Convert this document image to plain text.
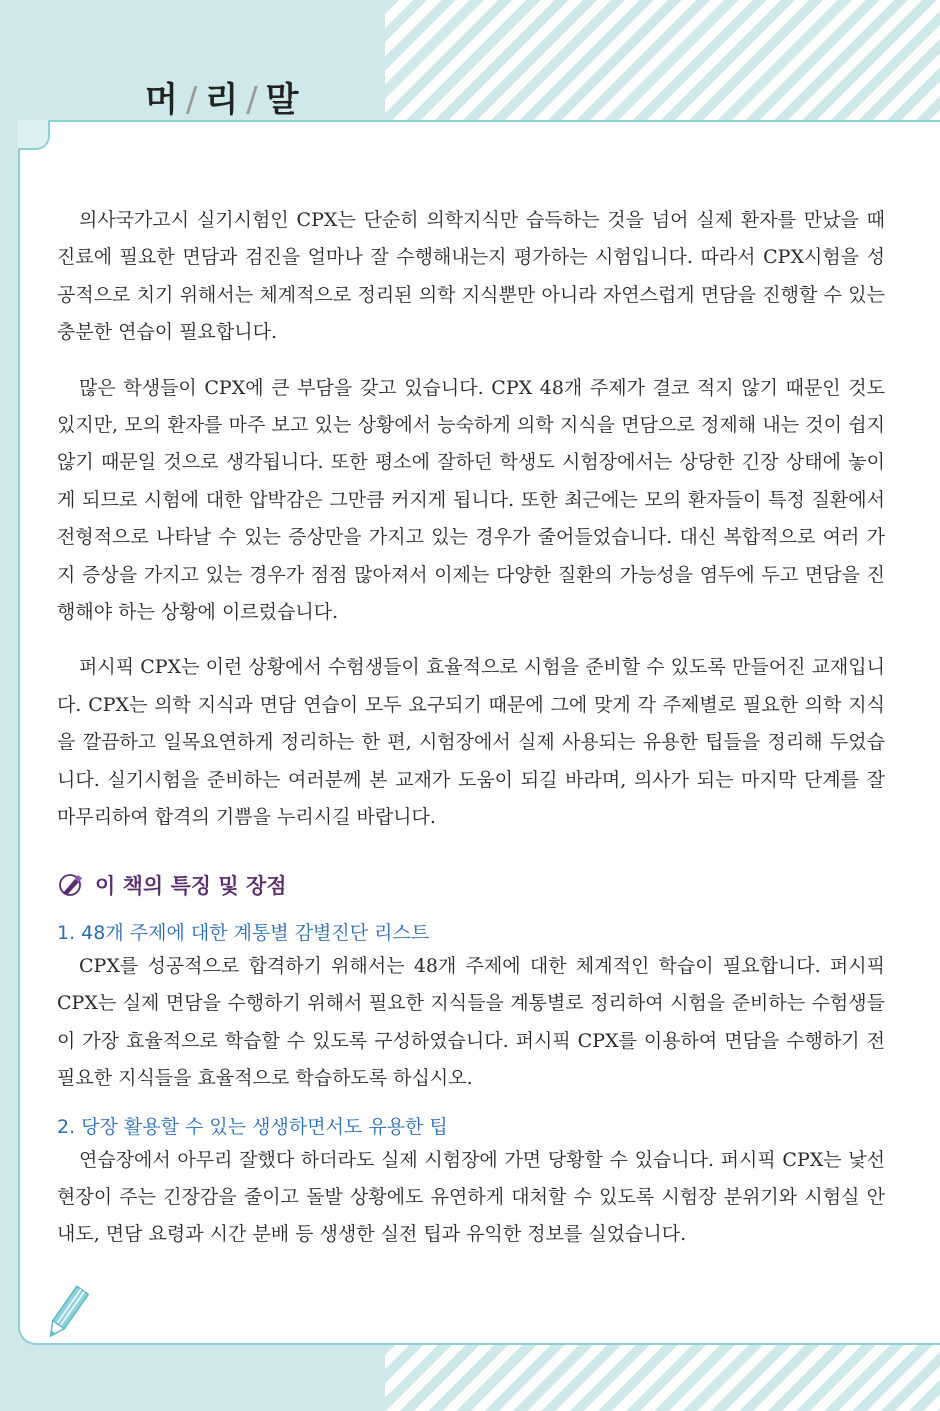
머 / 리 / 말

의사국가고시 실기시험인 CPX는 단순히 의학지식만 습득하는 것을 넘어 실제 환자를 만났을 때 진료에 필요한 면담과 검진을 얼마나 잘 수행해내는지 평가하는 시험입니다. 따라서 CPX시험을 성공적으로 치기 위해서는 체계적으로 정리된 의학 지식뿐만 아니라 자연스럽게 면담을 진행할 수 있는 충분한 연습이 필요합니다.

많은 학생들이 CPX에 큰 부담을 갖고 있습니다. CPX 48개 주제가 결코 적지 않기 때문인 것도 있지만, 모의 환자를 마주 보고 있는 상황에서 능숙하게 의학 지식을 면담으로 정제해 내는 것이 쉽지 않기 때문일 것으로 생각됩니다. 또한 평소에 잘하던 학생도 시험장에서는 상당한 긴장 상태에 놓이게 되므로 시험에 대한 압박감은 그만큼 커지게 됩니다. 또한 최근에는 모의 환자들이 특정 질환에서 전형적으로 나타날 수 있는 증상만을 가지고 있는 경우가 줄어들었습니다. 대신 복합적으로 여러 가지 증상을 가지고 있는 경우가 점점 많아져서 이제는 다양한 질환의 가능성을 염두에 두고 면담을 진행해야 하는 상황에 이르렀습니다.

퍼시픽 CPX는 이런 상황에서 수험생들이 효율적으로 시험을 준비할 수 있도록 만들어진 교재입니다. CPX는 의학 지식과 면담 연습이 모두 요구되기 때문에 그에 맞게 각 주제별로 필요한 의학 지식을 깔끔하고 일목요연하게 정리하는 한 편, 시험장에서 실제 사용되는 유용한 팁들을 정리해 두었습니다. 실기시험을 준비하는 여러분께 본 교재가 도움이 되길 바라며, 의사가 되는 마지막 단계를 잘 마무리하여 합격의 기쁨을 누리시길 바랍니다.

이 책의 특징 및 장점
1. 48개 주제에 대한 계통별 감별진단 리스트

CPX를 성공적으로 합격하기 위해서는 48개 주제에 대한 체계적인 학습이 필요합니다. 퍼시픽 CPX는 실제 면담을 수행하기 위해서 필요한 지식들을 계통별로 정리하여 시험을 준비하는 수험생들이 가장 효율적으로 학습할 수 있도록 구성하였습니다. 퍼시픽 CPX를 이용하여 면담을 수행하기 전 필요한 지식들을 효율적으로 학습하도록 하십시오.

2. 당장 활용할 수 있는 생생하면서도 유용한 팁

연습장에서 아무리 잘했다 하더라도 실제 시험장에 가면 당황할 수 있습니다. 퍼시픽 CPX는 낯선 현장이 주는 긴장감을 줄이고 돌발 상황에도 유연하게 대처할 수 있도록 시험장 분위기와 시험실 안내도, 면담 요령과 시간 분배 등 생생한 실전 팁과 유익한 정보를 실었습니다.
